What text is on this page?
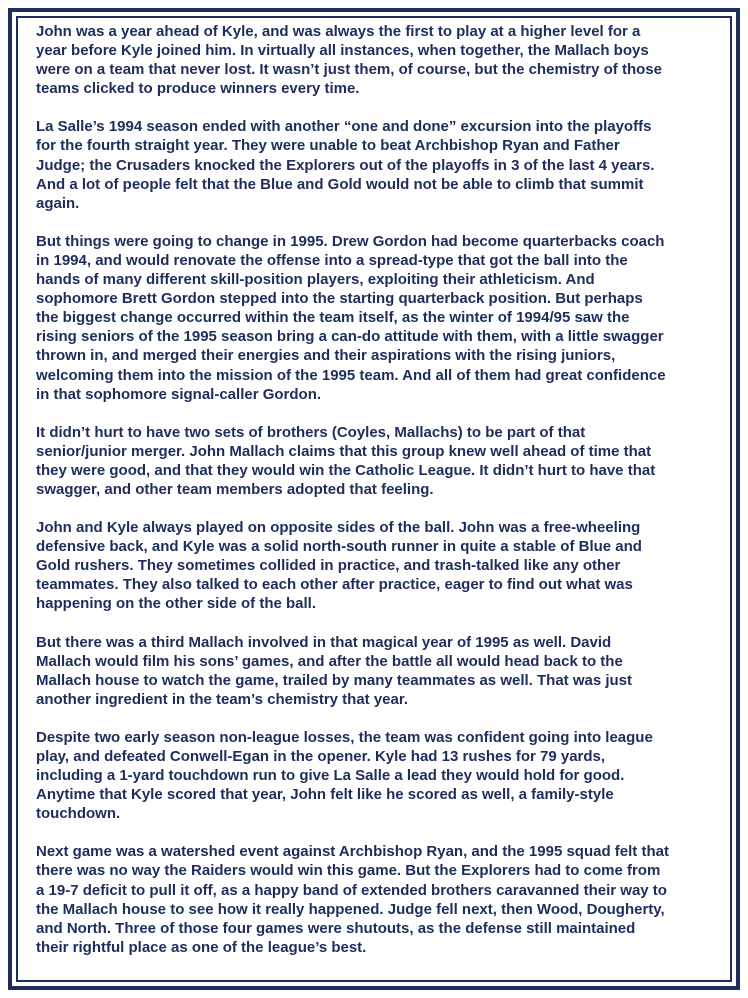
John was a year ahead of Kyle, and was always the first to play at a higher level for a
year before Kyle joined him. In virtually all instances, when together, the Mallach boys
were on a team that never lost. It wasn’t just them, of course, but the chemistry of those
teams clicked to produce winners every time.

La Salle’s 1994 season ended with another “one and done” excursion into the playoffs
for the fourth straight year. They were unable to beat Archbishop Ryan and Father
Judge; the Crusaders knocked the Explorers out of the playoffs in 3 of the last 4 years.
And a lot of people felt that the Blue and Gold would not be able to climb that summit
again.

But things were going to change in 1995. Drew Gordon had become quarterbacks coach
in 1994, and would renovate the offense into a spread-type that got the ball into the
hands of many different skill-position players, exploiting their athleticism. And
sophomore Brett Gordon stepped into the starting quarterback position. But perhaps
the biggest change occurred within the team itself, as the winter of 1994/95 saw the
rising seniors of the 1995 season bring a can-do attitude with them, with a little swagger
thrown in, and merged their energies and their aspirations with the rising juniors,
welcoming them into the mission of the 1995 team. And all of them had great confidence
in that sophomore signal-caller Gordon.

It didn’t hurt to have two sets of brothers (Coyles, Mallachs) to be part of that
senior/junior merger. John Mallach claims that this group knew well ahead of time that
they were good, and that they would win the Catholic League. It didn’t hurt to have that
swagger, and other team members adopted that feeling.

John and Kyle always played on opposite sides of the ball. John was a free-wheeling
defensive back, and Kyle was a solid north-south runner in quite a stable of Blue and
Gold rushers. They sometimes collided in practice, and trash-talked like any other
teammates. They also talked to each other after practice, eager to find out what was
happening on the other side of the ball.

But there was a third Mallach involved in that magical year of 1995 as well. David
Mallach would film his sons’ games, and after the battle all would head back to the
Mallach house to watch the game, trailed by many teammates as well. That was just
another ingredient in the team’s chemistry that year.

Despite two early season non-league losses, the team was confident going into league
play, and defeated Conwell-Egan in the opener. Kyle had 13 rushes for 79 yards,
including a 1-yard touchdown run to give La Salle a lead they would hold for good.
Anytime that Kyle scored that year, John felt like he scored as well, a family-style
touchdown.

Next game was a watershed event against Archbishop Ryan, and the 1995 squad felt that
there was no way the Raiders would win this game. But the Explorers had to come from
a 19-7 deficit to pull it off, as a happy band of extended brothers caravanned their way to
the Mallach house to see how it really happened. Judge fell next, then Wood, Dougherty,
and North. Three of those four games were shutouts, as the defense still maintained
their rightful place as one of the league’s best.
